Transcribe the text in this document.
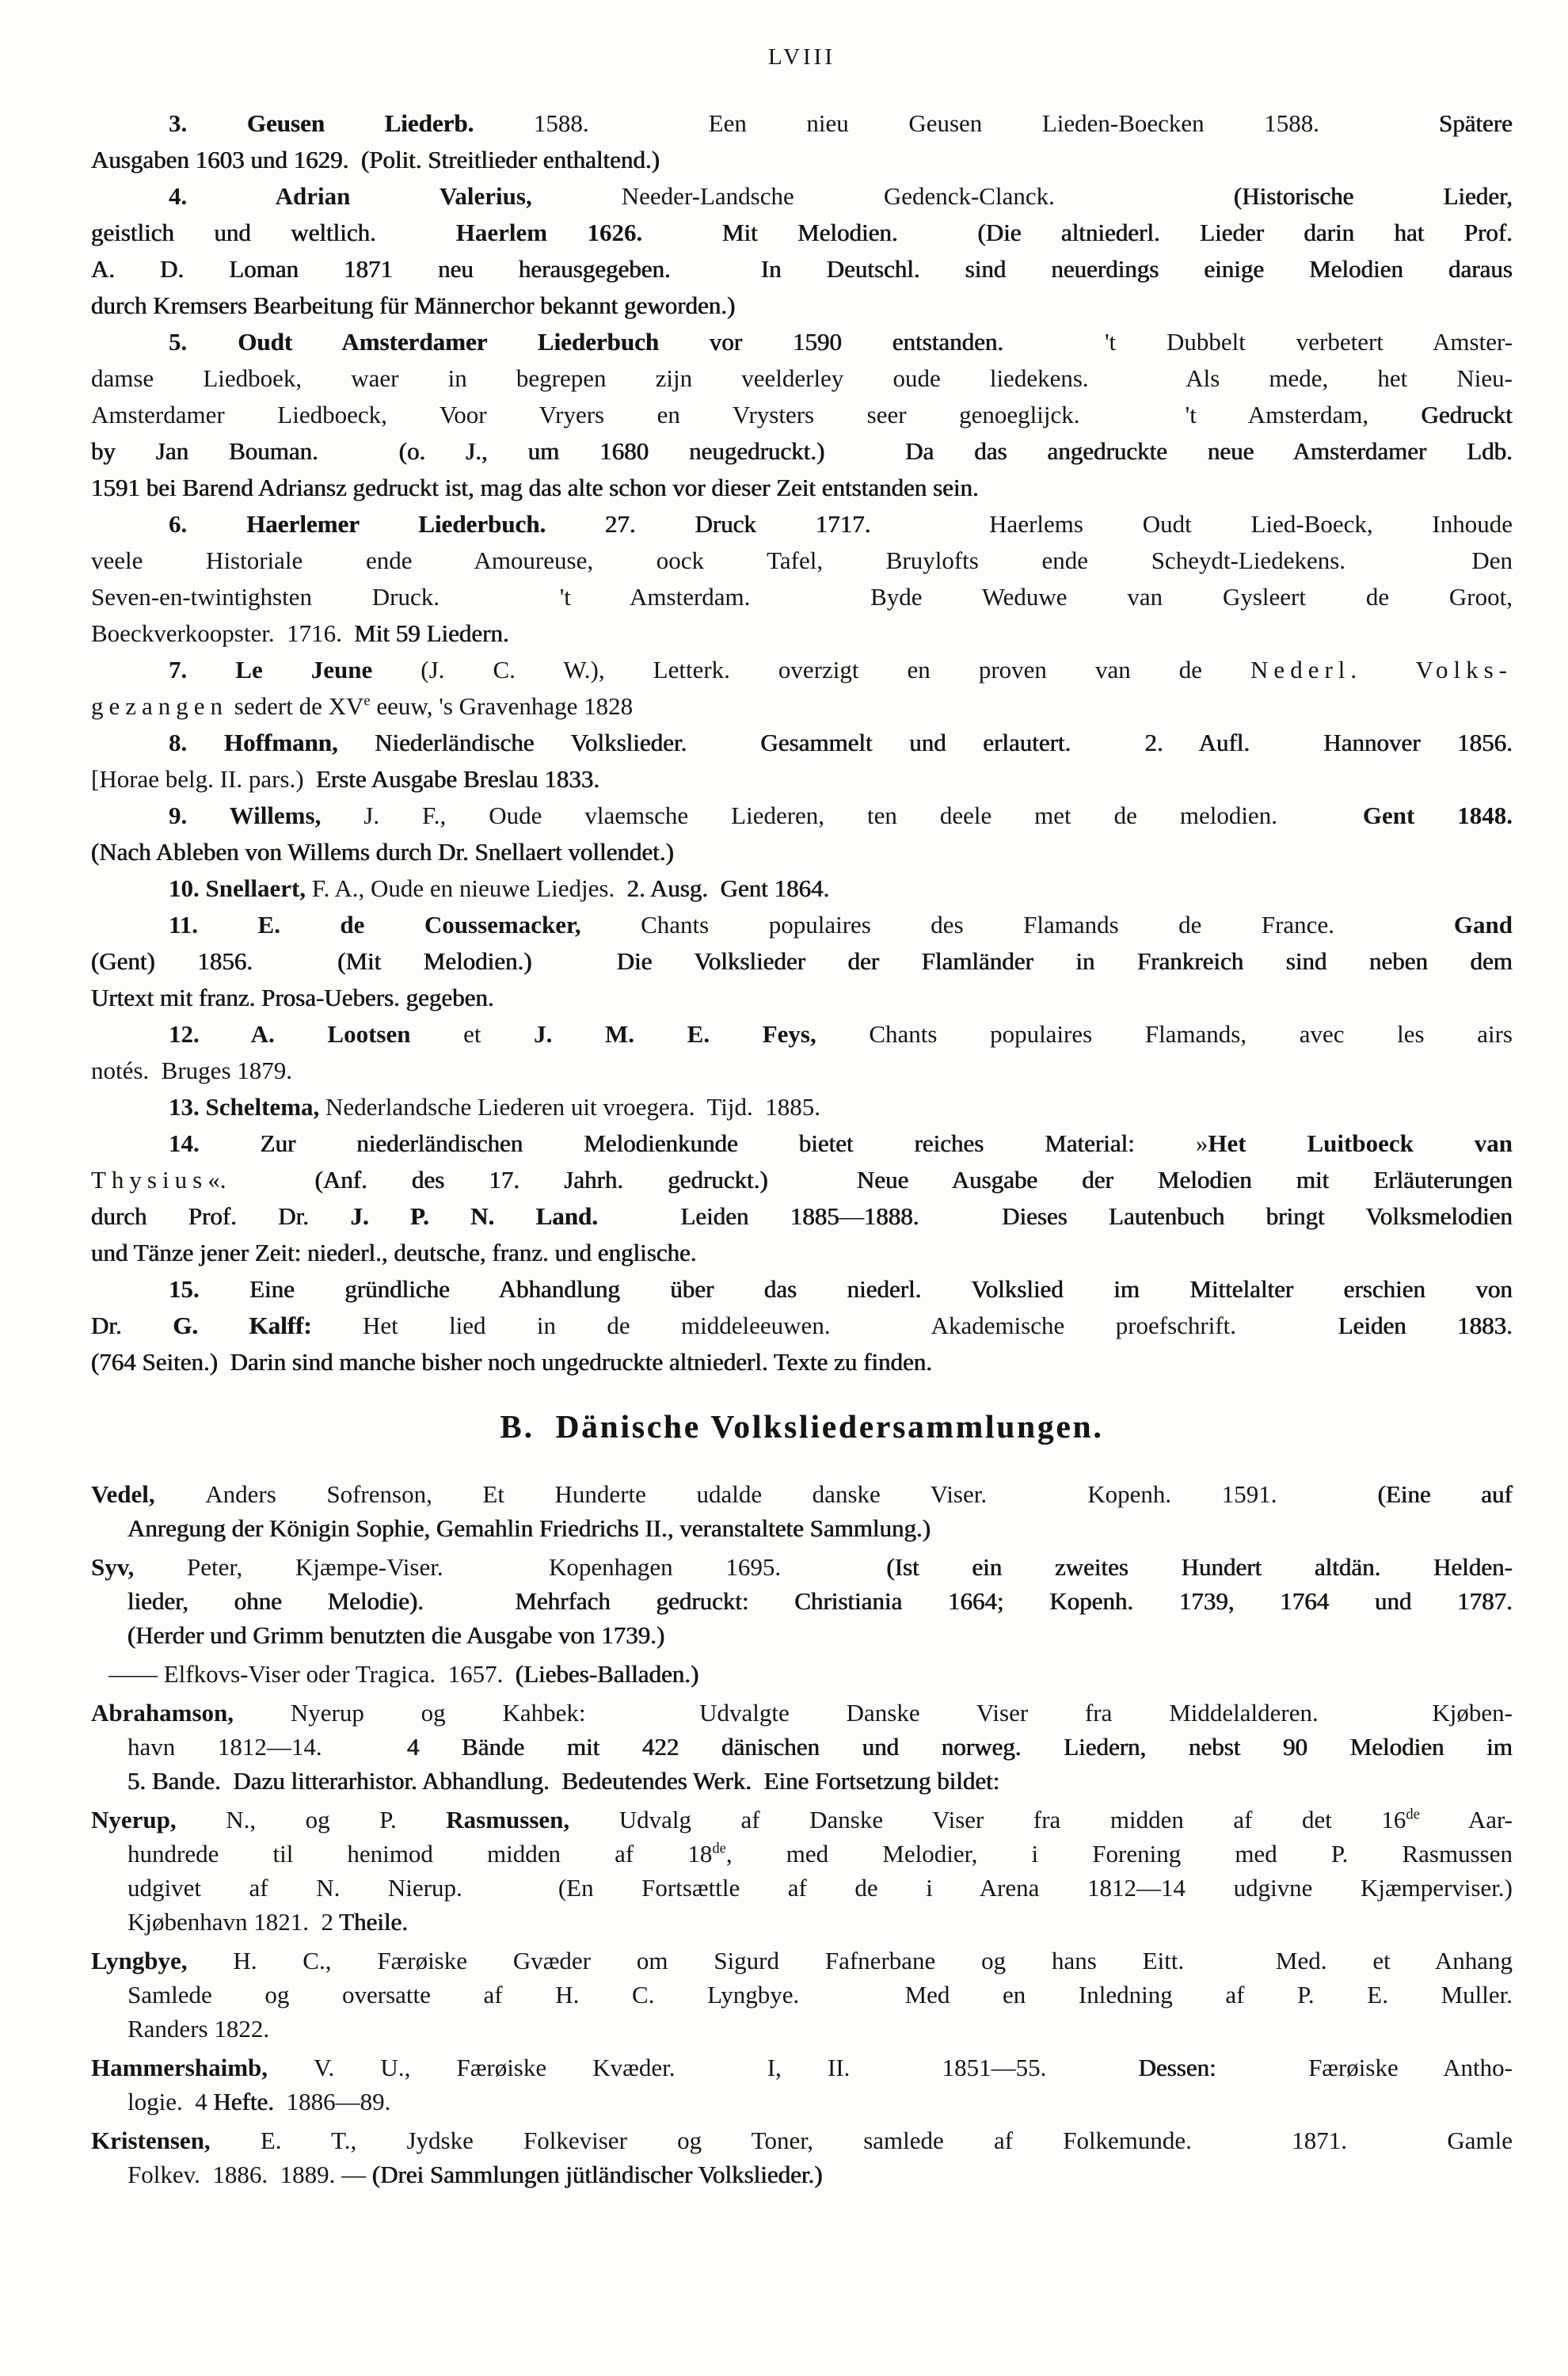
LVIII
3. Geusen Liederb. 1588.  Een nieu Geusen Lieden-Boecken 1588.  Spätere
Ausgaben 1603 und 1629.  (Polit. Streitlieder enthaltend.)
4. Adrian Valerius, Needer-Landsche Gedenck-Clanck.  (Historische Lieder,
geistlich und weltlich.  Haerlem 1626.  Mit Melodien.  (Die altniederl. Lieder darin hat Prof.
A. D. Loman 1871 neu herausgegeben.  In Deutschl. sind neuerdings einige Melodien daraus
durch Kremsers Bearbeitung für Männerchor bekannt geworden.)
5. Oudt Amsterdamer Liederbuch vor 1590 entstanden.  't Dubbelt verbetert Amster-
damse Liedboek, waer in begrepen zijn veelderley oude liedekens.  Als mede, het Nieu-
Amsterdamer Liedboeck, Voor Vryers en Vrysters seer genoeglijck.  't Amsterdam, Gedruckt
by Jan Bouman.  (o. J., um 1680 neugedruckt.)  Da das angedruckte neue Amsterdamer Ldb.
1591 bei Barend Adriansz gedruckt ist, mag das alte schon vor dieser Zeit entstanden sein.
6. Haerlemer Liederbuch. 27. Druck 1717.  Haerlems Oudt Lied-Boeck, Inhoude
veele Historiale ende Amoureuse, oock Tafel, Bruylofts ende Scheydt-Liedekens.  Den
Seven-en-twintighsten Druck.  't Amsterdam.  Byde Weduwe van Gysleert de Groot,
Boeckverkoopster.  1716.  Mit 59 Liedern.
7. Le Jeune (J. C. W.), Letterk. overzigt en proven van de Nederl. Volks-
gezangen sedert de XVe eeuw, 's Gravenhage 1828
8. Hoffmann, Niederländische Volkslieder.  Gesammelt und erlautert.  2. Aufl.  Hannover 1856.
[Horae belg. II. pars.)  Erste Ausgabe Breslau 1833.
9. Willems, J. F., Oude vlaemsche Liederen, ten deele met de melodien.  Gent 1848.
(Nach Ableben von Willems durch Dr. Snellaert vollendet.)
10. Snellaert, F. A., Oude en nieuwe Liedjes.  2. Ausg.  Gent 1864.
11. E. de Coussemacker, Chants populaires des Flamands de France.  Gand
(Gent) 1856.  (Mit Melodien.)  Die Volkslieder der Flamländer in Frankreich sind neben dem
Urtext mit franz. Prosa-Uebers. gegeben.
12. A. Lootsen et J. M. E. Feys, Chants populaires Flamands, avec les airs
notés.  Bruges 1879.
13. Scheltema, Nederlandsche Liederen uit vroegera.  Tijd.  1885.
14. Zur niederländischen Melodienkunde bietet reiches Material: »Het Luitboeck van
Thysius«.  (Anf. des 17. Jahrh. gedruckt.)  Neue Ausgabe der Melodien mit Erläuterungen
durch Prof. Dr. J. P. N. Land.  Leiden 1885—1888.  Dieses Lautenbuch bringt Volksmelodien
und Tänze jener Zeit: niederl., deutsche, franz. und englische.
15. Eine gründliche Abhandlung über das niederl. Volkslied im Mittelalter erschien von
Dr. G. Kalff: Het lied in de middeleeuwen.  Akademische proefschrift.  Leiden 1883.
(764 Seiten.)  Darin sind manche bisher noch ungedruckte altniederl. Texte zu finden.
B.  Dänische Volksliedersammlungen.
Vedel, Anders Sofrenson, Et Hunderte udalde danske Viser.  Kopenh. 1591.  (Eine auf
Anregung der Königin Sophie, Gemahlin Friedrichs II., veranstaltete Sammlung.)
Syv, Peter, Kjæmpe-Viser.  Kopenhagen 1695.  (Ist ein zweites Hundert altdän. Helden-
lieder, ohne Melodie).  Mehrfach gedruckt: Christiania 1664; Kopenh. 1739, 1764 und 1787.
(Herder und Grimm benutzten die Ausgabe von 1739.)
—— Elfkovs-Viser oder Tragica.  1657.  (Liebes-Balladen.)
Abrahamson, Nyerup og Kahbek:  Udvalgte Danske Viser fra Middelalderen.  Kjøben-
havn 1812—14.  4 Bände mit 422 dänischen und norweg. Liedern, nebst 90 Melodien im
5. Bande.  Dazu litterarhistor. Abhandlung.  Bedeutendes Werk.  Eine Fortsetzung bildet:
Nyerup, N., og P. Rasmussen, Udvalg af Danske Viser fra midden af det 16de Aar-
hundrede til henimod midden af 18de, med Melodier, i Forening med P. Rasmussen
udgivet af N. Nierup.  (En Fortsættle af de i Arena 1812—14 udgivne Kjæmperviser.)
Kjøbenhavn 1821.  2 Theile.
Lyngbye, H. C., Færøiske Gvæder om Sigurd Fafnerbane og hans Eitt.  Med. et Anhang
Samlede og oversatte af H. C. Lyngbye.  Med en Inledning af P. E. Muller.
Randers 1822.
Hammershaimb, V. U., Færøiske Kvæder.  I, II.  1851—55.  Dessen:  Færøiske Antho-
logie.  4 Hefte.  1886—89.
Kristensen, E. T., Jydske Folkeviser og Toner, samlede af Folkemunde.  1871.  Gamle
Folkev.  1886.  1889. — (Drei Sammlungen jütländischer Volkslieder.)
